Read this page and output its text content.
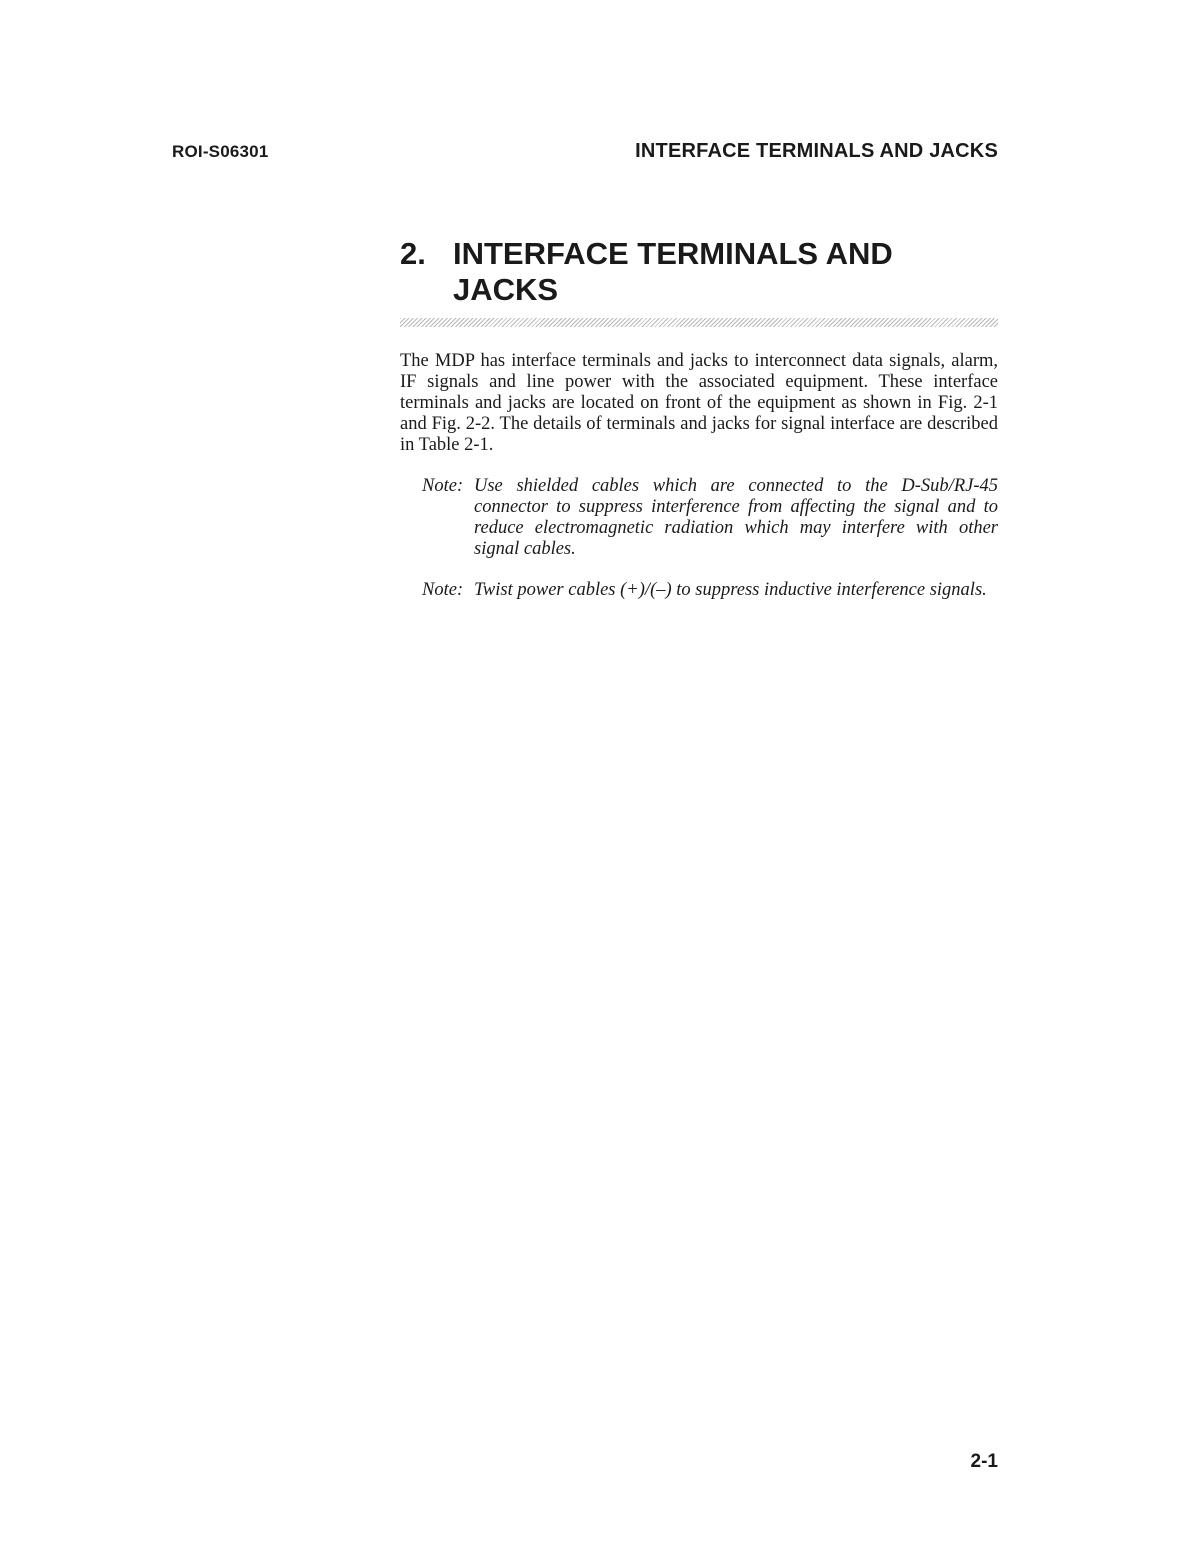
ROI-S06301	INTERFACE TERMINALS AND JACKS
2. INTERFACE TERMINALS AND JACKS

The MDP has interface terminals and jacks to interconnect data signals, alarm, IF signals and line power with the associated equipment. These interface terminals and jacks are located on front of the equipment as shown in Fig. 2-1 and Fig. 2-2. The details of terminals and jacks for signal interface are described in Table 2-1.

Note: Use shielded cables which are connected to the D-Sub/RJ-45 connector to suppress interference from affecting the signal and to reduce electromagnetic radiation which may interfere with other signal cables.
Note: Twist power cables (+)/(–) to suppress inductive interference signals.
2-1
